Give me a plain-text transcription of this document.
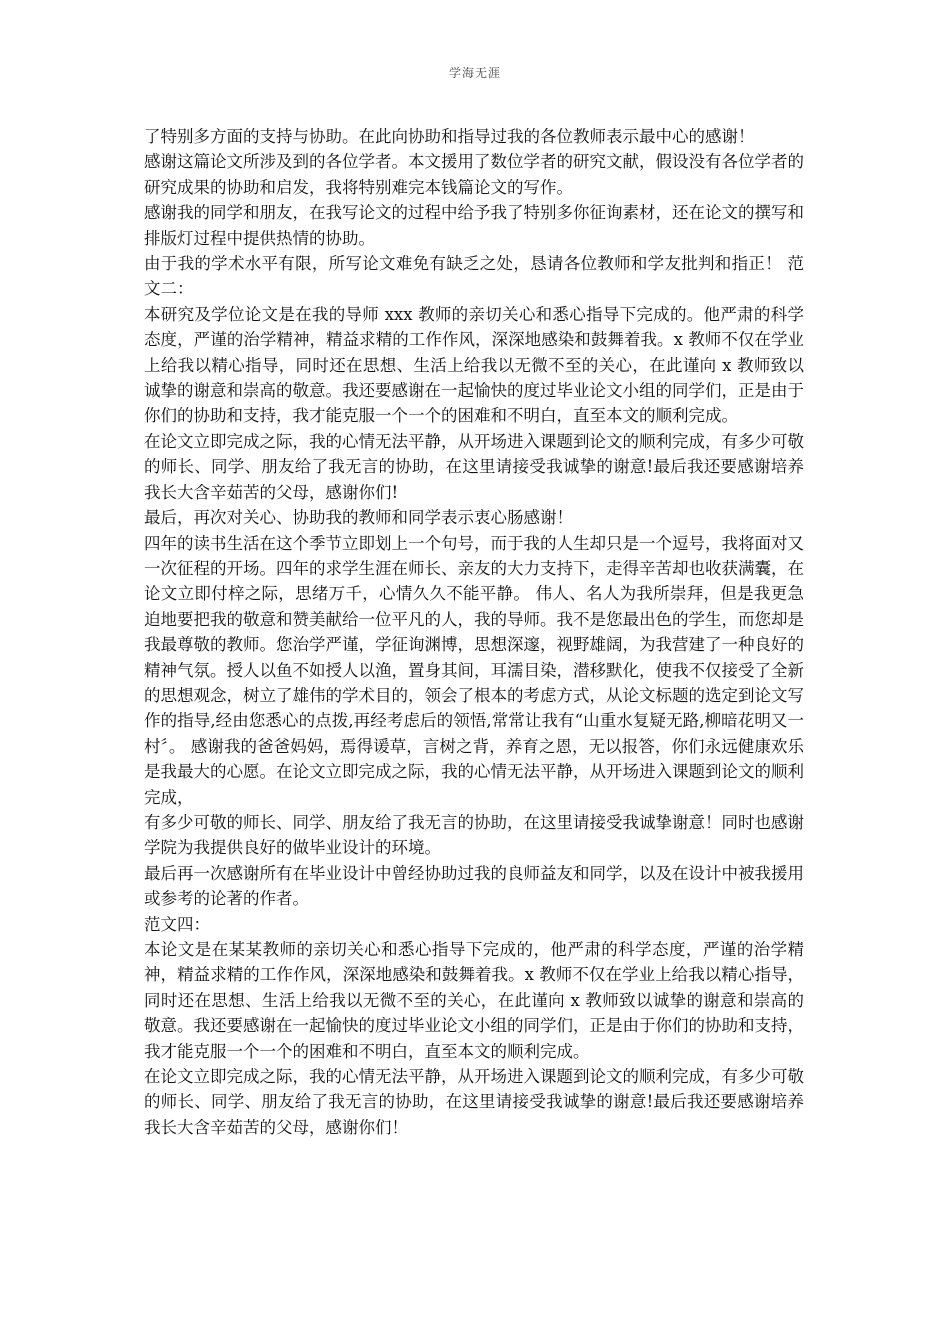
学海无涯

了特别多方面的支持与协助。在此向协助和指导过我的各位教师表示最中心的感谢！

感谢这篇论文所涉及到的各位学者。本文援用了数位学者的研究文献，假设没有各位学者的研究成果的协助和启发，我将特别难完本钱篇论文的写作。

感谢我的同学和朋友，在我写论文的过程中给予我了特别多你征询素材，还在论文的撰写和排版灯过程中提供热情的协助。

由于我的学术水平有限，所写论文难免有缺乏之处，恳请各位教师和学友批判和指正！ 范文二：

本研究及学位论文是在我的导师 xxx 教师的亲切关心和悉心指导下完成的。他严肃的科学态度，严谨的治学精神，精益求精的工作作风，深深地感染和鼓舞着我。x 教师不仅在学业上给我以精心指导，同时还在思想、生活上给我以无微不至的关心，在此谨向 x 教师致以诚挚的谢意和崇高的敬意。我还要感谢在一起愉快的度过毕业论文小组的同学们，正是由于你们的协助和支持，我才能克服一个一个的困难和不明白，直至本文的顺利完成。

在论文立即完成之际，我的心情无法平静，从开场进入课题到论文的顺利完成，有多少可敬的师长、同学、朋友给了我无言的协助，在这里请接受我诚挚的谢意!最后我还要感谢培养我长大含辛茹苦的父母，感谢你们!

最后，再次对关心、协助我的教师和同学表示衷心肠感谢！

四年的读书生活在这个季节立即划上一个句号，而于我的人生却只是一个逗号，我将面对又一次征程的开场。四年的求学生涯在师长、亲友的大力支持下，走得辛苦却也收获满囊，在论文立即付梓之际，思绪万千，心情久久不能平静。 伟人、名人为我所崇拜，但是我更急迫地要把我的敬意和赞美献给一位平凡的人，我的导师。我不是您最出色的学生，而您却是我最尊敬的教师。您治学严谨，学征询渊博，思想深邃，视野雄阔，为我营建了一种良好的精神气氛。授人以鱼不如授人以渔，置身其间，耳濡目染，潜移默化，使我不仅接受了全新的思想观念，树立了雄伟的学术目的，领会了根本的考虑方式，从论文标题的选定到论文写作的指导,经由您悉心的点拨,再经考虑后的领悟,常常让我有“山重水复疑无路,柳暗花明又一村〞。 感谢我的爸爸妈妈，焉得谖草，言树之背，养育之恩，无以报答，你们永远健康欢乐是我最大的心愿。在论文立即完成之际，我的心情无法平静，从开场进入课题到论文的顺利完成，

有多少可敬的师长、同学、朋友给了我无言的协助，在这里请接受我诚挚谢意！同时也感谢学院为我提供良好的做毕业设计的环境。

最后再一次感谢所有在毕业设计中曾经协助过我的良师益友和同学，以及在设计中被我援用或参考的论著的作者。

范文四：

本论文是在某某教师的亲切关心和悉心指导下完成的，他严肃的科学态度，严谨的治学精神，精益求精的工作作风，深深地感染和鼓舞着我。x 教师不仅在学业上给我以精心指导，同时还在思想、生活上给我以无微不至的关心，在此谨向 x 教师致以诚挚的谢意和崇高的敬意。我还要感谢在一起愉快的度过毕业论文小组的同学们，正是由于你们的协助和支持，我才能克服一个一个的困难和不明白，直至本文的顺利完成。

在论文立即完成之际，我的心情无法平静，从开场进入课题到论文的顺利完成，有多少可敬的师长、同学、朋友给了我无言的协助，在这里请接受我诚挚的谢意!最后我还要感谢培养我长大含辛茹苦的父母，感谢你们！
